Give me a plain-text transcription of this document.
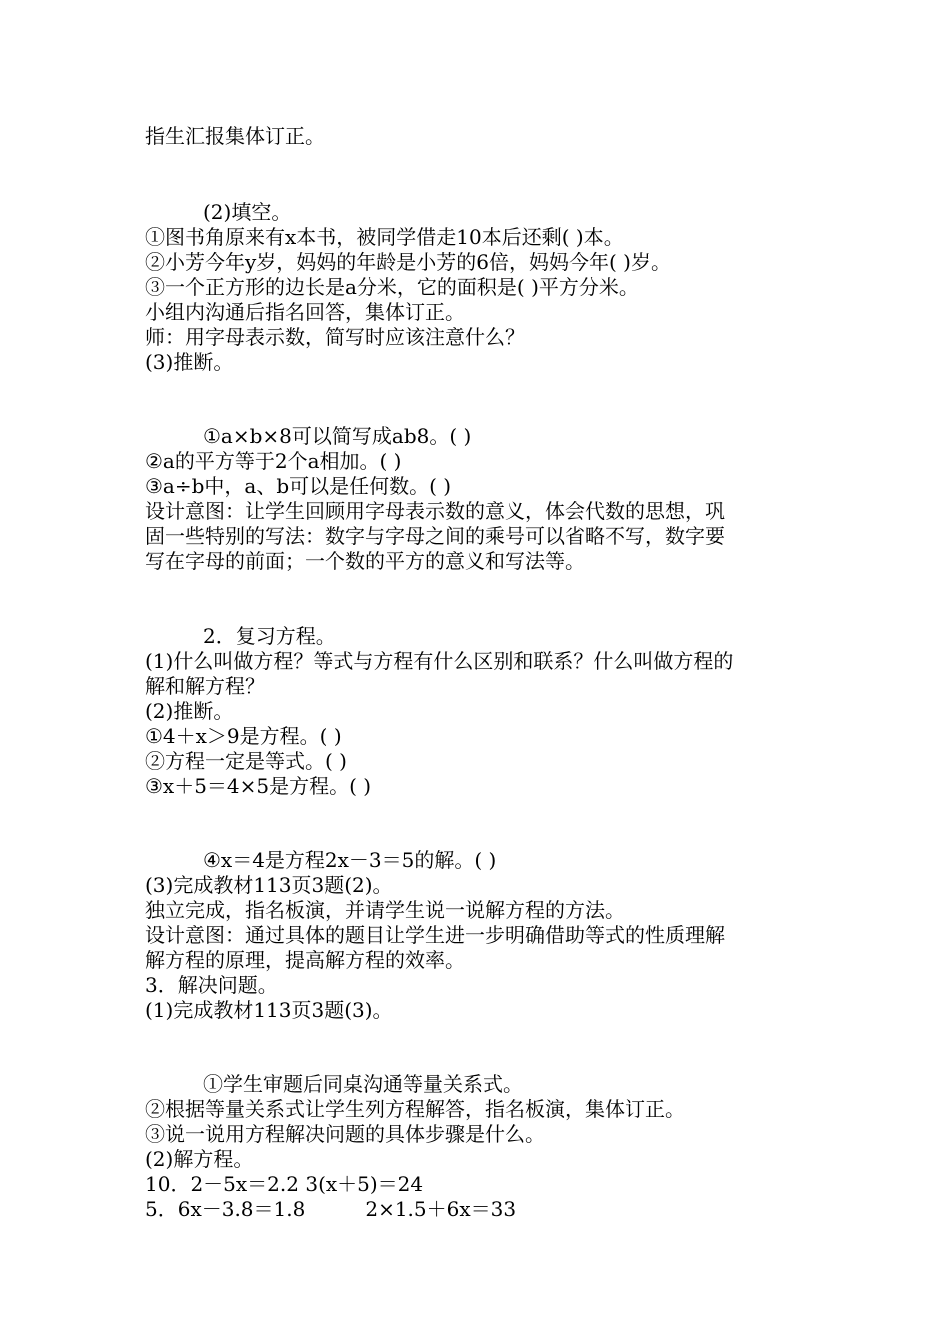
指生汇报集体订正。

(2)填空。

①图书角原来有x本书，被同学借走10本后还剩( )本。

②小芳今年y岁，妈妈的年龄是小芳的6倍，妈妈今年( )岁。

③一个正方形的边长是a分米，它的面积是( )平方分米。

小组内沟通后指名回答，集体订正。

师：用字母表示数，简写时应该注意什么？

(3)推断。

①a×b×8可以简写成ab8。( )

②a的平方等于2个a相加。( )

③a÷b中，a、b可以是任何数。( )

设计意图：让学生回顾用字母表示数的意义，体会代数的思想，巩

固一些特别的写法：数字与字母之间的乘号可以省略不写，数字要

写在字母的前面；一个数的平方的意义和写法等。

2．复习方程。

(1)什么叫做方程？等式与方程有什么区别和联系？什么叫做方程的

解和解方程？

(2)推断。

①4＋x＞9是方程。( )

②方程一定是等式。( )

③x＋5＝4×5是方程。( )

④x＝4是方程2x－3＝5的解。( )

(3)完成教材113页3题(2)。

独立完成，指名板演，并请学生说一说解方程的方法。

设计意图：通过具体的题目让学生进一步明确借助等式的性质理解

解方程的原理，提高解方程的效率。

3．解决问题。

(1)完成教材113页3题(3)。

①学生审题后同桌沟通等量关系式。

②根据等量关系式让学生列方程解答，指名板演，集体订正。

③说一说用方程解决问题的具体步骤是什么。

(2)解方程。

10．2－5x＝2.2 3(x＋5)＝24

5．6x－3.8＝1.8　　　2×1.5＋6x＝33
